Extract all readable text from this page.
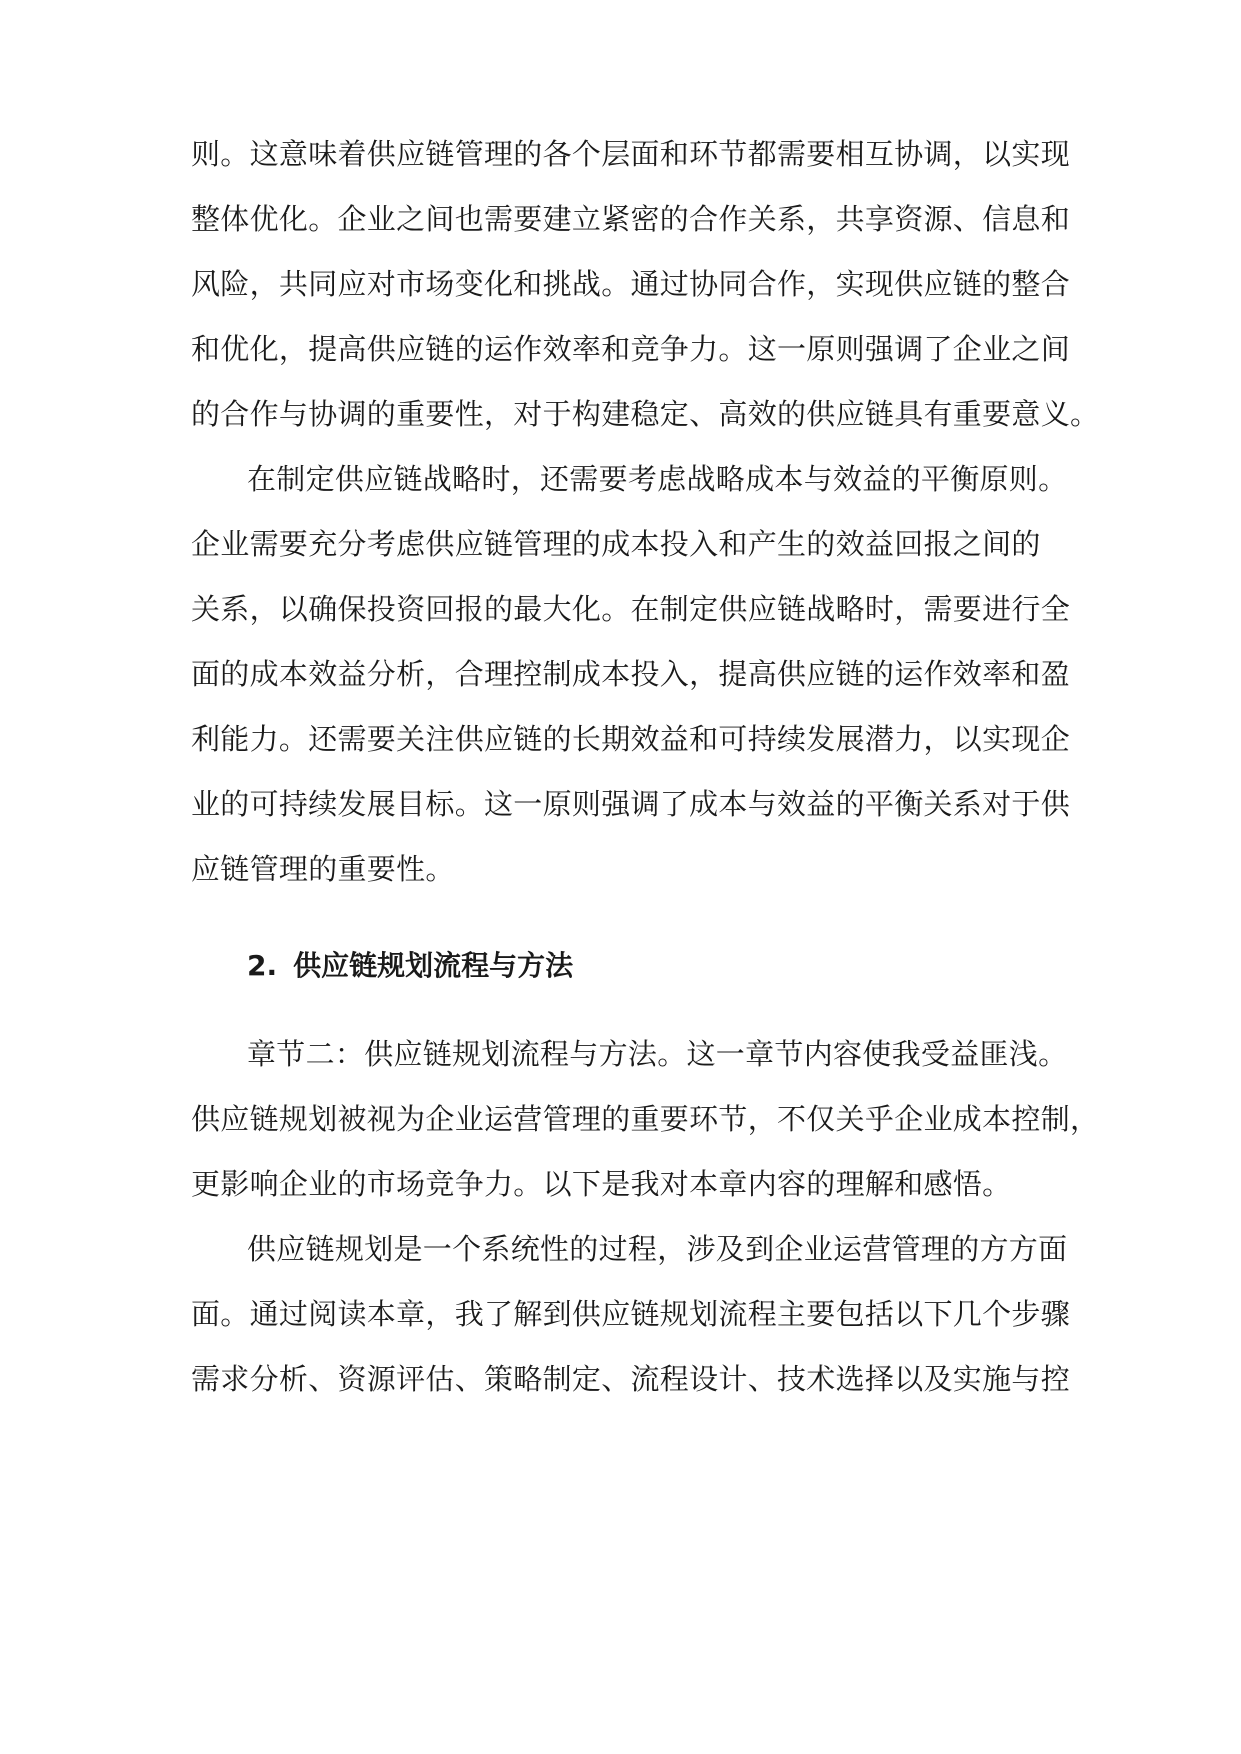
则。这意味着供应链管理的各个层面和环节都需要相互协调，以实现
整体优化。企业之间也需要建立紧密的合作关系，共享资源、信息和
风险，共同应对市场变化和挑战。通过协同合作，实现供应链的整合
和优化，提高供应链的运作效率和竞争力。这一原则强调了企业之间
的合作与协调的重要性，对于构建稳定、高效的供应链具有重要意义。
在制定供应链战略时，还需要考虑战略成本与效益的平衡原则。
企业需要充分考虑供应链管理的成本投入和产生的效益回报之间的
关系，以确保投资回报的最大化。在制定供应链战略时，需要进行全
面的成本效益分析，合理控制成本投入，提高供应链的运作效率和盈
利能力。还需要关注供应链的长期效益和可持续发展潜力，以实现企
业的可持续发展目标。这一原则强调了成本与效益的平衡关系对于供
应链管理的重要性。
2. 供应链规划流程与方法
章节二：供应链规划流程与方法。这一章节内容使我受益匪浅。
供应链规划被视为企业运营管理的重要环节，不仅关乎企业成本控制，
更影响企业的市场竞争力。以下是我对本章内容的理解和感悟。
供应链规划是一个系统性的过程，涉及到企业运营管理的方方面
面。通过阅读本章，我了解到供应链规划流程主要包括以下几个步骤
需求分析、资源评估、策略制定、流程设计、技术选择以及实施与控
